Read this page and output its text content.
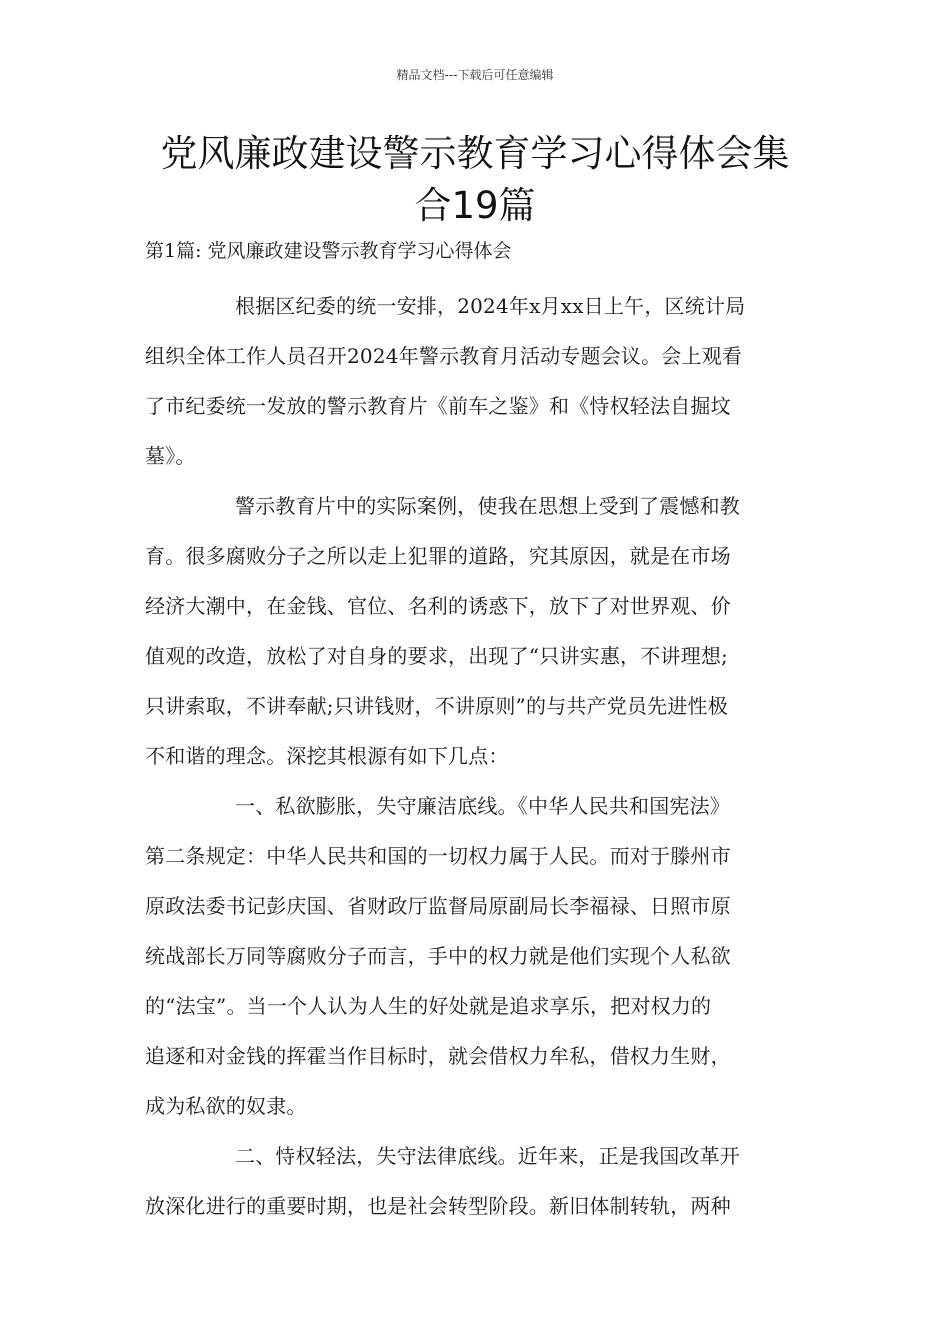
精品文档---下载后可任意编辑
党风廉政建设警示教育学习心得体会集
合19篇

第1篇: 党风廉政建设警示教育学习心得体会

根据区纪委的统一安排，2024年x月xx日上午，区统计局
组织全体工作人员召开2024年警示教育月活动专题会议。会上观看
了市纪委统一发放的警示教育片《前车之鉴》和《恃权轻法自掘坟
墓》。
警示教育片中的实际案例，使我在思想上受到了震憾和教
育。很多腐败分子之所以走上犯罪的道路，究其原因，就是在市场
经济大潮中，在金钱、官位、名利的诱惑下，放下了对世界观、价
值观的改造，放松了对自身的要求，出现了“只讲实惠，不讲理想;
只讲索取，不讲奉献;只讲钱财，不讲原则”的与共产党员先进性极
不和谐的理念。深挖其根源有如下几点：
一、私欲膨胀，失守廉洁底线。《中华人民共和国宪法》
第二条规定：中华人民共和国的一切权力属于人民。而对于滕州市
原政法委书记彭庆国、省财政厅监督局原副局长李福禄、日照市原
统战部长万同等腐败分子而言，手中的权力就是他们实现个人私欲
的“法宝”。当一个人认为人生的好处就是追求享乐，把对权力的
追逐和对金钱的挥霍当作目标时，就会借权力牟私，借权力生财，
成为私欲的奴隶。
二、恃权轻法，失守法律底线。近年来，正是我国改革开
放深化进行的重要时期，也是社会转型阶段。新旧体制转轨，两种
